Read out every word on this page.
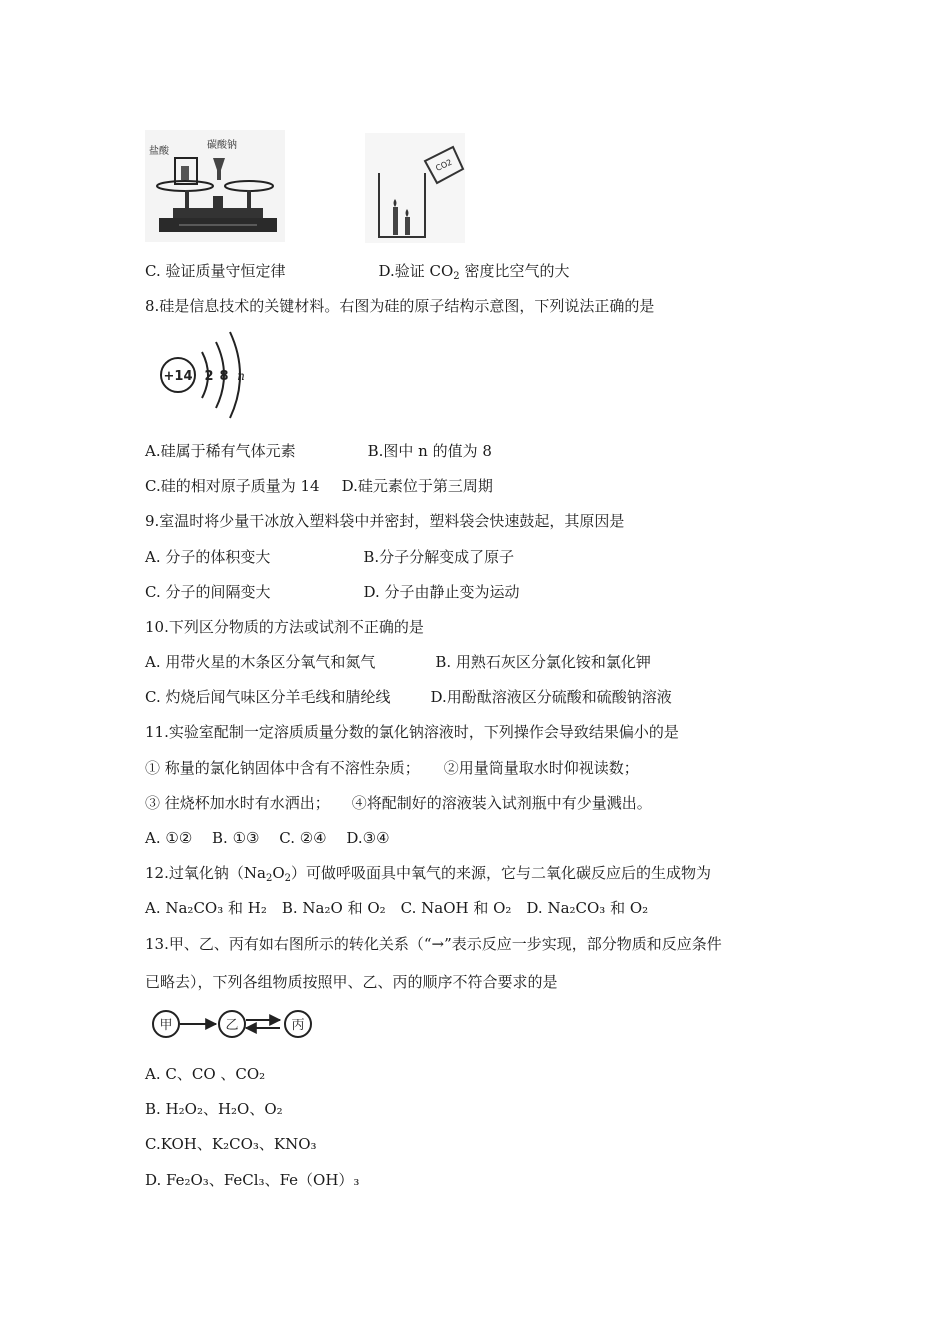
盐酸
碳酸钠
CO2
C. 验证质量守恒定律	D.验证 $CO_2$ 密度比空气的大
8.硅是信息技术的关键材料。右图为硅的原子结构示意图，下列说法正确的是
+14 2 8 n
A.硅属于稀有气体元素	B.图中 n 的值为 8
C.硅的相对原子质量为 14 D.硅元素位于第三周期
9.室温时将少量干冰放入塑料袋中并密封，塑料袋会快速鼓起，其原因是
A. 分子的体积变大	B.分子分解变成了原子
C. 分子的间隔变大	D. 分子由静止变为运动
10.下列区分物质的方法或试剂不正确的是
A. 用带火星的木条区分氧气和氮气	B. 用熟石灰区分氯化铵和氯化钾
C. 灼烧后闻气味区分羊毛线和腈纶线	D.用酚酞溶液区分硫酸和硫酸钠溶液
11.实验室配制一定溶质质量分数的氯化钠溶液时，下列操作会导致结果偏小的是
① 称量的氯化钠固体中含有不溶性杂质； ②用量筒量取水时仰视读数；
③ 往烧杯加水时有水洒出； ④将配制好的溶液装入试剂瓶中有少量溅出。
A. ①②　 B. ①③　 C. ②④　 D.③④
12.过氧化钠$(Na_2O_2)$可做呼吸面具中氧气的来源，它与二氧化碳反应后的生成物为
A. Na₂CO₃ 和 H₂　B. Na₂O 和 O₂　C. NaOH 和 O₂　D. Na₂CO₃ 和 O₂
13.甲、乙、丙有如右图所示的转化关系（“→”表示反应一步实现，部分物质和反应条件
已略去），下列各组物质按照甲、乙、丙的顺序不符合要求的是
甲	乙	丙
A. C、CO 、CO₂
B. H₂O₂、H₂O、O₂
C.KOH、K₂CO₃、KNO₃
D. Fe₂O₃、FeCl₃、Fe（OH）₃
